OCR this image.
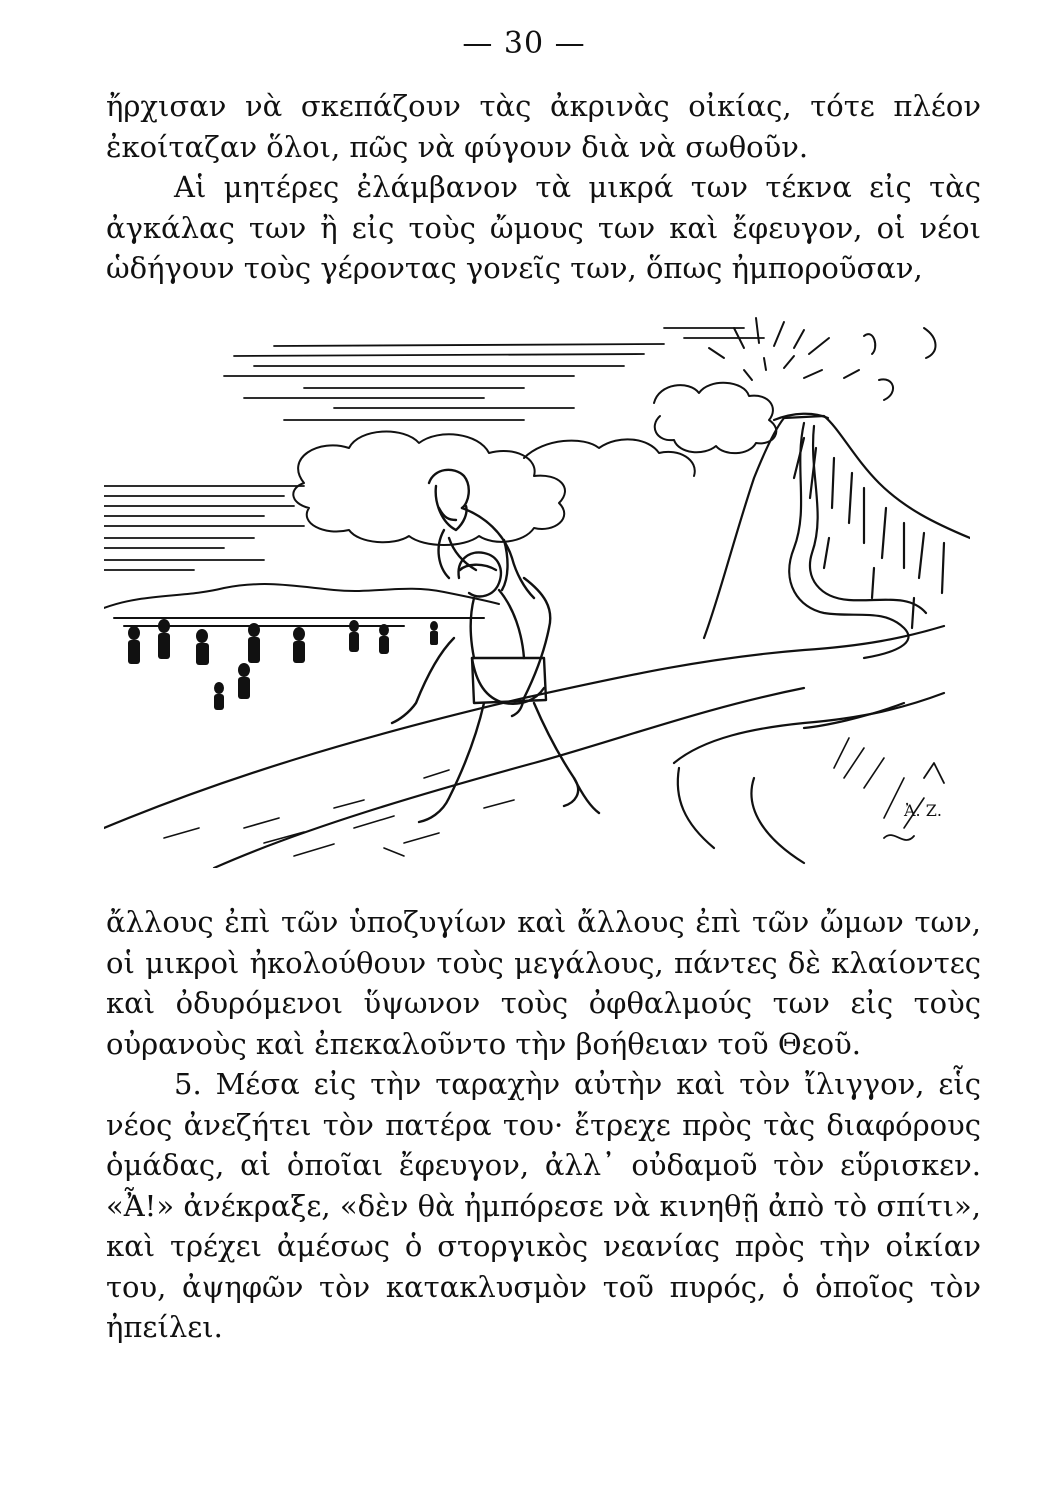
— 30 —

ἤρχισαν νὰ σκεπάζουν τὰς ἀκρινὰς οἰκίας, τότε πλέον ἐκοίταζαν ὅλοι, πῶς νὰ φύγουν διὰ νὰ σωθοῦν.

Αἱ μητέρες ἐλάμβανον τὰ μικρά των τέκνα εἰς τὰς ἀγκάλας των ἢ εἰς τοὺς ὤμους των καὶ ἔφευγον, οἱ νέοι ὡδήγουν τοὺς γέροντας γονεῖς των, ὅπως ἠμποροῦσαν,

Ἀ. Ζ.

ἄλλους ἐπὶ τῶν ὑποζυγίων καὶ ἄλλους ἐπὶ τῶν ὤμων των, οἱ μικροὶ ἠκολούθουν τοὺς μεγάλους, πάντες δὲ κλαίοντες καὶ ὀδυρόμενοι ὕψωνον τοὺς ὀφθαλμούς των εἰς τοὺς οὐρανοὺς καὶ ἐπεκαλοῦντο τὴν βοήθειαν τοῦ Θεοῦ.

5. Μέσα εἰς τὴν ταραχὴν αὐτὴν καὶ τὸν ἴλιγγον, εἷς νέος ἀνεζήτει τὸν πατέρα του· ἔτρεχε πρὸς τὰς διαφόρους ὁμάδας, αἱ ὁποῖαι ἔφευγον, ἀλλ᾽ οὐδαμοῦ τὸν εὕρισκεν. «Ἆ!» ἀνέκραξε, «δὲν θὰ ἠμπόρεσε νὰ κινηθῇ ἀπὸ τὸ σπίτι», καὶ τρέχει ἀμέσως ὁ στοργικὸς νεανίας πρὸς τὴν οἰκίαν του, ἀψηφῶν τὸν κατακλυσμὸν τοῦ πυρός, ὁ ὁποῖος τὸν ἠπείλει.
